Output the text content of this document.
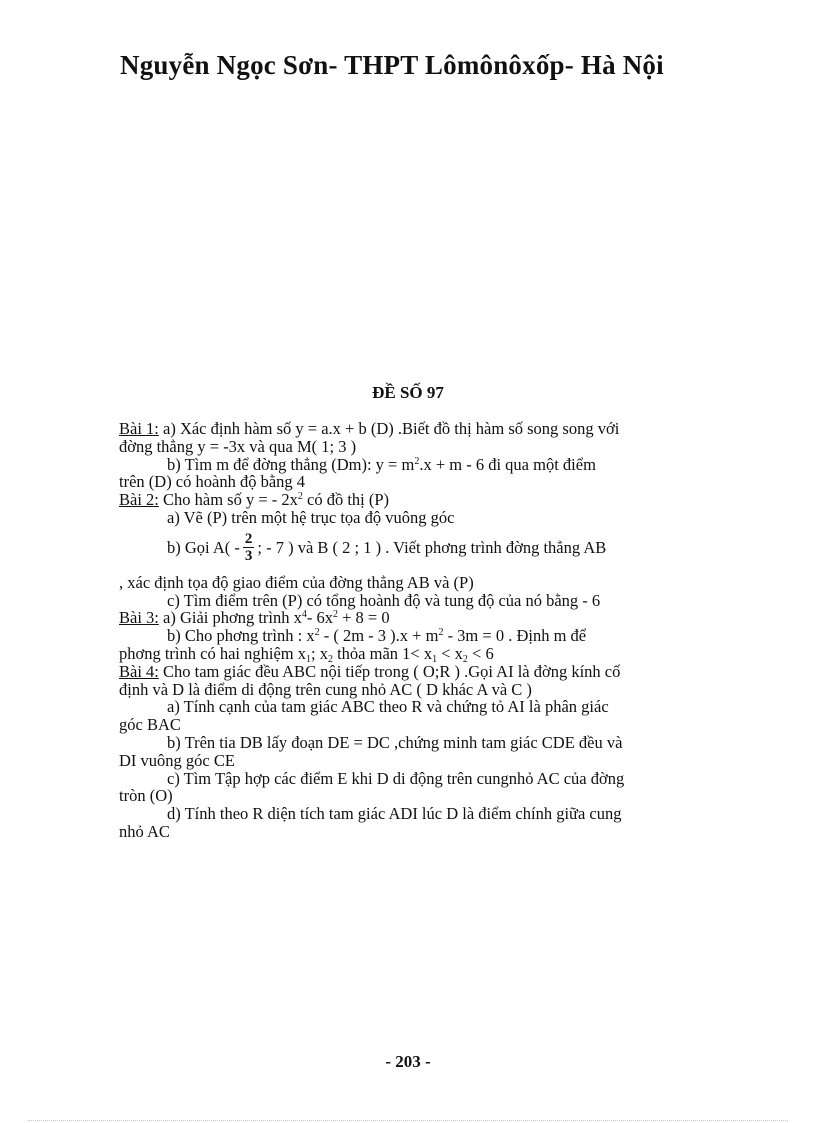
Nguyễn Ngọc Sơn- THPT Lômônôxốp- Hà Nội
ĐỀ SỐ 97
Bài 1: a) Xác định hàm số y = a.x + b (D) .Biết đồ thị hàm số song song với
đờng thẳng y = -3x và qua M( 1; 3 )
b) Tìm m để đờng thẳng (Dm): $y = m^2.x + m - 6$ đi qua một điểm
trên (D) có hoành độ bằng 4
Bài 2: Cho hàm số y = - $2x^2$ có đồ thị (P)
a) Vẽ (P) trên một hệ trục tọa độ vuông góc
b) Gọi $A( - \frac{2}{3}$ ; - 7 ) và B ( 2 ; 1 ) . Viết phơng trình đờng thẳng AB
, xác định tọa độ giao điểm của đờng thẳng AB và (P)
c) Tìm điểm trên (P) có tổng hoành độ và tung độ của nó bằng - 6
Bài 3: a) Giải phơng trình $x^4-$ $6x^2 + 8 = 0$
b) Cho phơng trình : $x^2$ - ( 2m - 3 )$.x + m^2 - 3m = 0$ . Định m để
phơng trình có hai nghiệm $x_1$; $x_2$ thỏa mãn $1< x_1 < x_2 < 6$
Bài 4: Cho tam giác đều ABC nội tiếp trong ( O;R ) .Gọi AI là đờng kính cố
định và D là điểm di động trên cung nhỏ AC ( D khác A và C )
a) Tính cạnh của tam giác ABC theo R và chứng tỏ AI là phân giác
góc BAC
b) Trên tia DB lấy đoạn DE = DC ,chứng minh tam giác CDE đều và
DI vuông góc CE
c) Tìm Tập hợp các điểm E khi D di động trên cungnhỏ AC của đờng
tròn (O)
d) Tính theo R diện tích tam giác ADI lúc D là điểm chính giữa cung
nhỏ AC
- 203 -
